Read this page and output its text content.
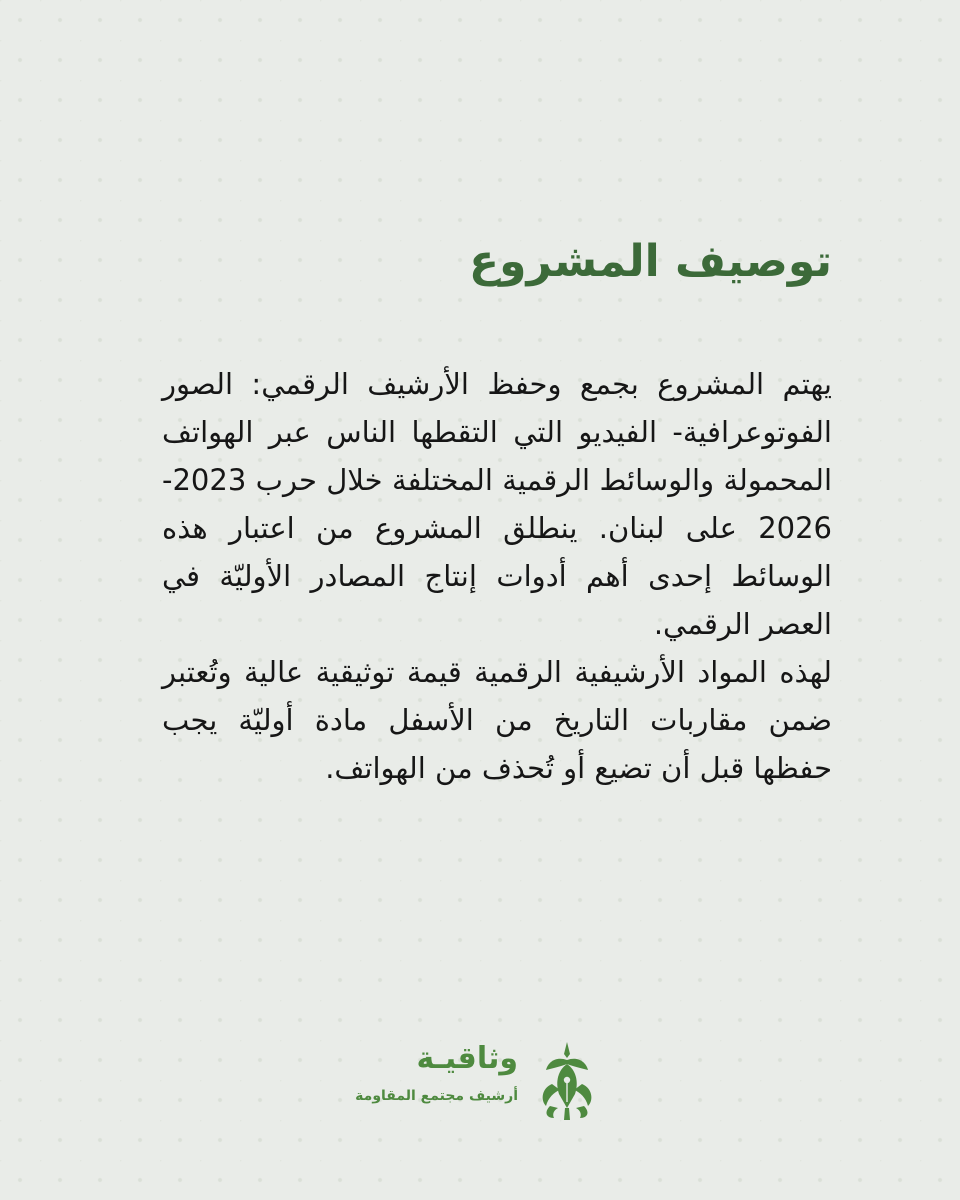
توصيف المشروع

يهتم المشروع بجمع وحفظ الأرشيف الرقمي: الصور الفوتوعرافية- الفيديو التي التقطها الناس عبر الهواتف المحمولة والوسائط الرقمية المختلفة خلال حرب 2023- 2026 على لبنان. ينطلق المشروع من اعتبار هذه الوسائط إحدى أهم أدوات إنتاج المصادر الأوليّة في العصر الرقمي.

لهذه المواد الأرشيفية الرقمية قيمة توثيقية عالية وتُعتبر ضمن مقاربات التاريخ من الأسفل مادة أوليّة يجب حفظها قبل أن تضيع أو تُحذف من الهواتف.

وثاقيـة
أرشيف مجتمع المقاومة
